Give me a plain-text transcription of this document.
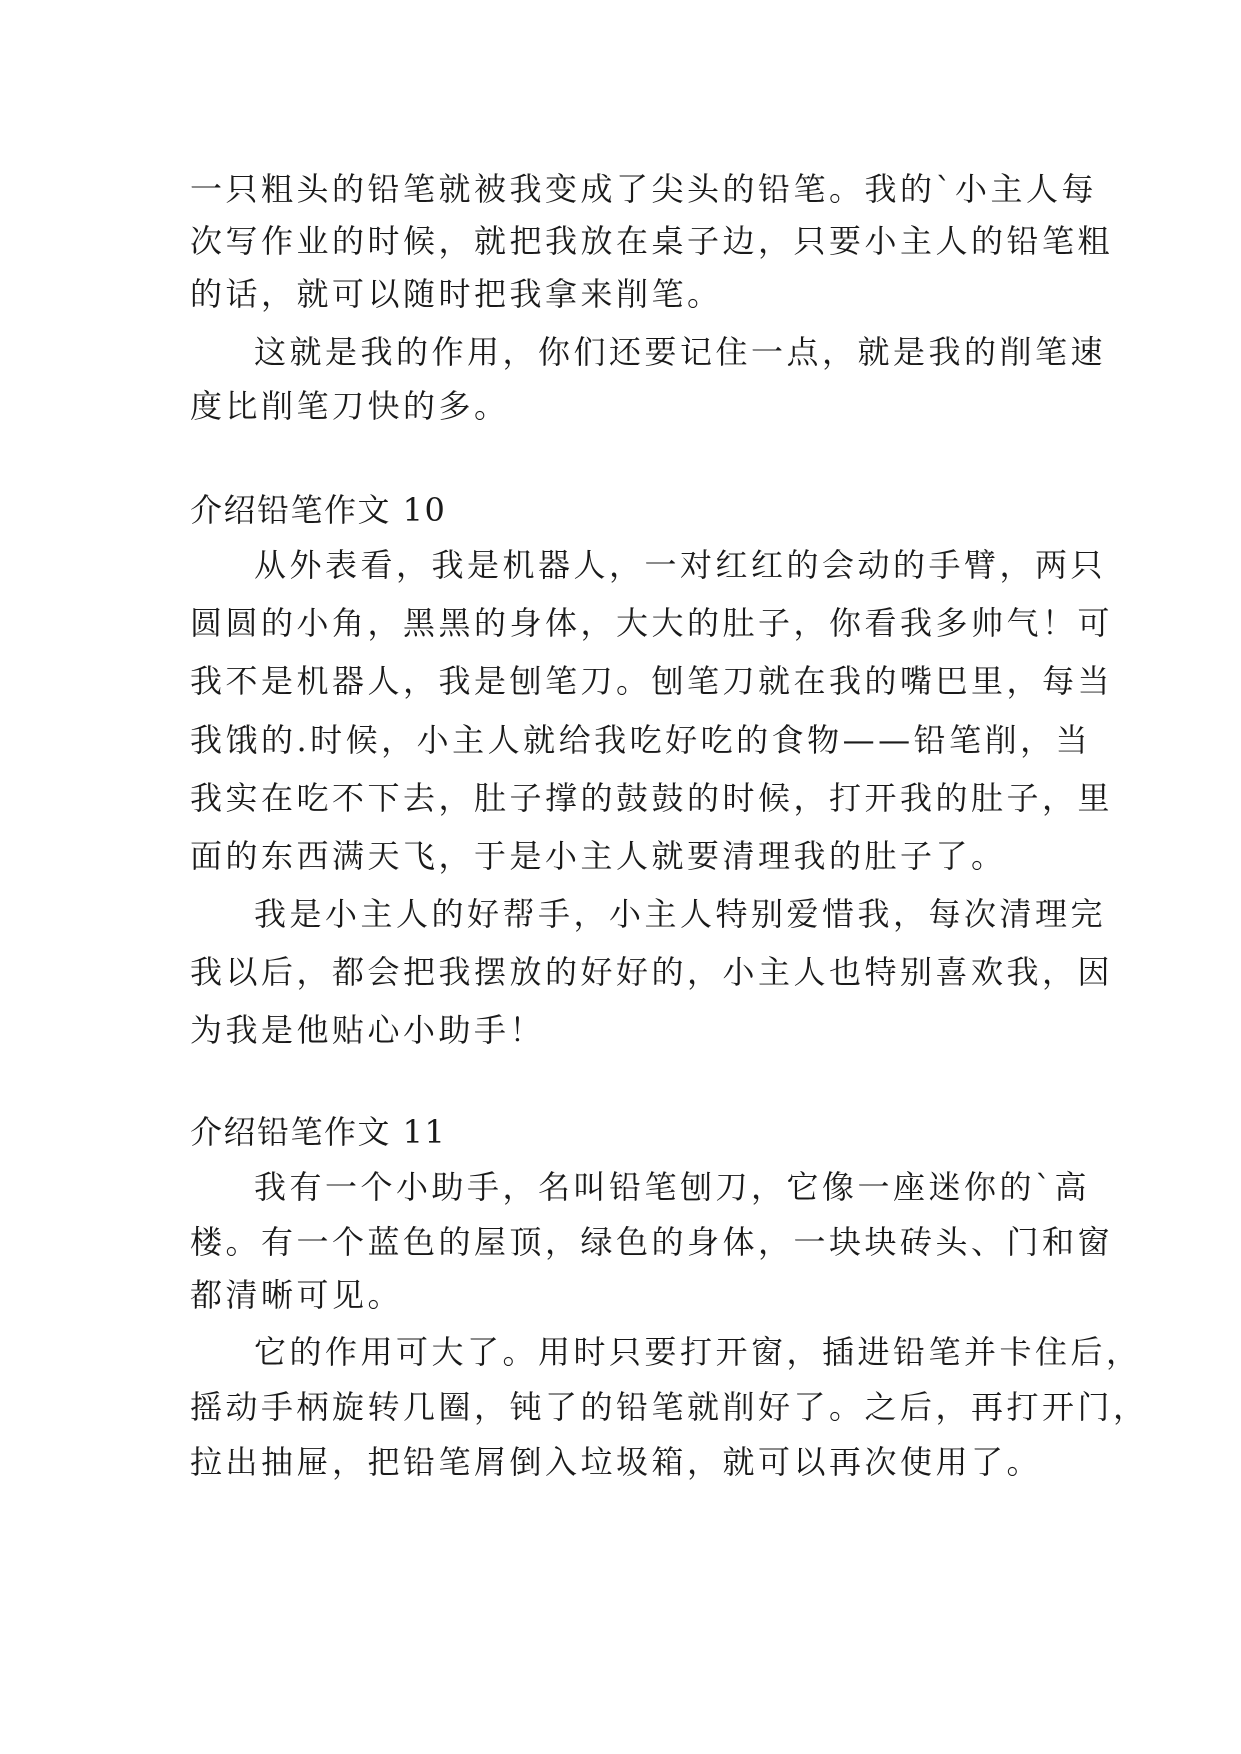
一只粗头的铅笔就被我变成了尖头的铅笔。我的`小主人每
次写作业的时候，就把我放在桌子边，只要小主人的铅笔粗
的话，就可以随时把我拿来削笔。
这就是我的作用，你们还要记住一点，就是我的削笔速
度比削笔刀快的多。
介绍铅笔作文 10
从外表看，我是机器人，一对红红的会动的手臂，两只
圆圆的小角，黑黑的身体，大大的肚子，你看我多帅气！可
我不是机器人，我是刨笔刀。刨笔刀就在我的嘴巴里，每当
我饿的.时候，小主人就给我吃好吃的食物——铅笔削，当
我实在吃不下去，肚子撑的鼓鼓的时候，打开我的肚子，里
面的东西满天飞，于是小主人就要清理我的肚子了。
我是小主人的好帮手，小主人特别爱惜我，每次清理完
我以后，都会把我摆放的好好的，小主人也特别喜欢我，因
为我是他贴心小助手！
介绍铅笔作文 11
我有一个小助手，名叫铅笔刨刀，它像一座迷你的`高
楼。有一个蓝色的屋顶，绿色的身体，一块块砖头、门和窗
都清晰可见。
它的作用可大了。用时只要打开窗，插进铅笔并卡住后，
摇动手柄旋转几圈，钝了的铅笔就削好了。之后，再打开门，
拉出抽屉，把铅笔屑倒入垃圾箱，就可以再次使用了。
